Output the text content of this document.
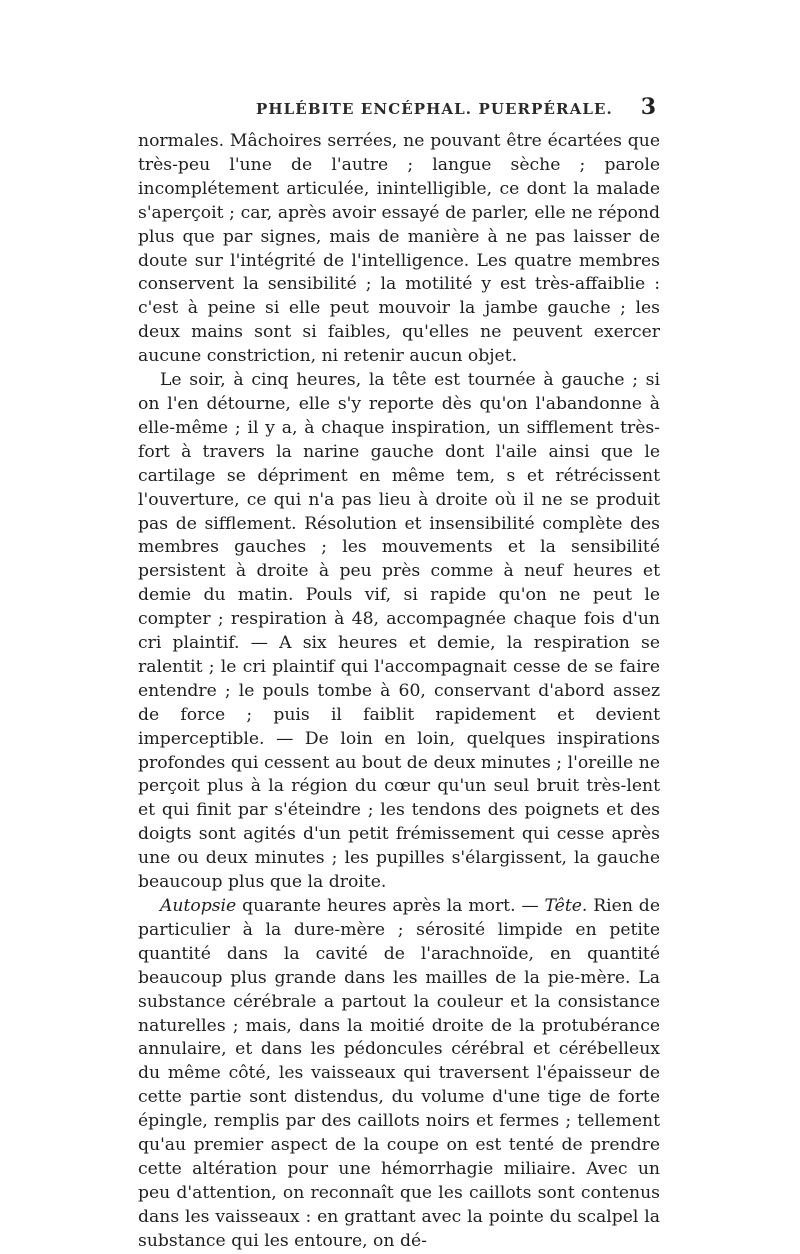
PHLÉBITE ENCÉPHAL. PUERPÉRALE. 3

normales. Mâchoires serrées, ne pouvant être écartées que très-peu l'une de l'autre ; langue sèche ; parole incomplétement articulée, inintelligible, ce dont la malade s'aperçoit ; car, après avoir essayé de parler, elle ne répond plus que par signes, mais de manière à ne pas laisser de doute sur l'intégrité de l'intelligence. Les quatre membres conservent la sensibilité ; la motilité y est très-affaiblie : c'est à peine si elle peut mouvoir la jambe gauche ; les deux mains sont si faibles, qu'elles ne peuvent exercer aucune constriction, ni retenir aucun objet.

Le soir, à cinq heures, la tête est tournée à gauche ; si on l'en détourne, elle s'y reporte dès qu'on l'abandonne à elle-même ; il y a, à chaque inspiration, un sifflement très-fort à travers la narine gauche dont l'aile ainsi que le cartilage se dépriment en même tem, s et rétrécissent l'ouverture, ce qui n'a pas lieu à droite où il ne se produit pas de sifflement. Résolution et insensibilité complète des membres gauches ; les mouvements et la sensibilité persistent à droite à peu près comme à neuf heures et demie du matin. Pouls vif, si rapide qu'on ne peut le compter ; respiration à 48, accompagnée chaque fois d'un cri plaintif. — A six heures et demie, la respiration se ralentit ; le cri plaintif qui l'accompagnait cesse de se faire entendre ; le pouls tombe à 60, conservant d'abord assez de force ; puis il faiblit rapidement et devient imperceptible. — De loin en loin, quelques inspirations profondes qui cessent au bout de deux minutes ; l'oreille ne perçoit plus à la région du cœur qu'un seul bruit très-lent et qui finit par s'éteindre ; les tendons des poignets et des doigts sont agités d'un petit frémissement qui cesse après une ou deux minutes ; les pupilles s'élargissent, la gauche beaucoup plus que la droite.

Autopsie quarante heures après la mort. — Tête. Rien de particulier à la dure-mère ; sérosité limpide en petite quantité dans la cavité de l'arachnoïde, en quantité beaucoup plus grande dans les mailles de la pie-mère. La substance cérébrale a partout la couleur et la consistance naturelles ; mais, dans la moitié droite de la protubérance annulaire, et dans les pédoncules cérébral et cérébelleux du même côté, les vaisseaux qui traversent l'épaisseur de cette partie sont distendus, du volume d'une tige de forte épingle, remplis par des caillots noirs et fermes ; tellement qu'au premier aspect de la coupe on est tenté de prendre cette altération pour une hémorrhagie miliaire. Avec un peu d'attention, on reconnaît que les caillots sont contenus dans les vaisseaux : en grattant avec la pointe du scalpel la substance qui les entoure, on dé-
